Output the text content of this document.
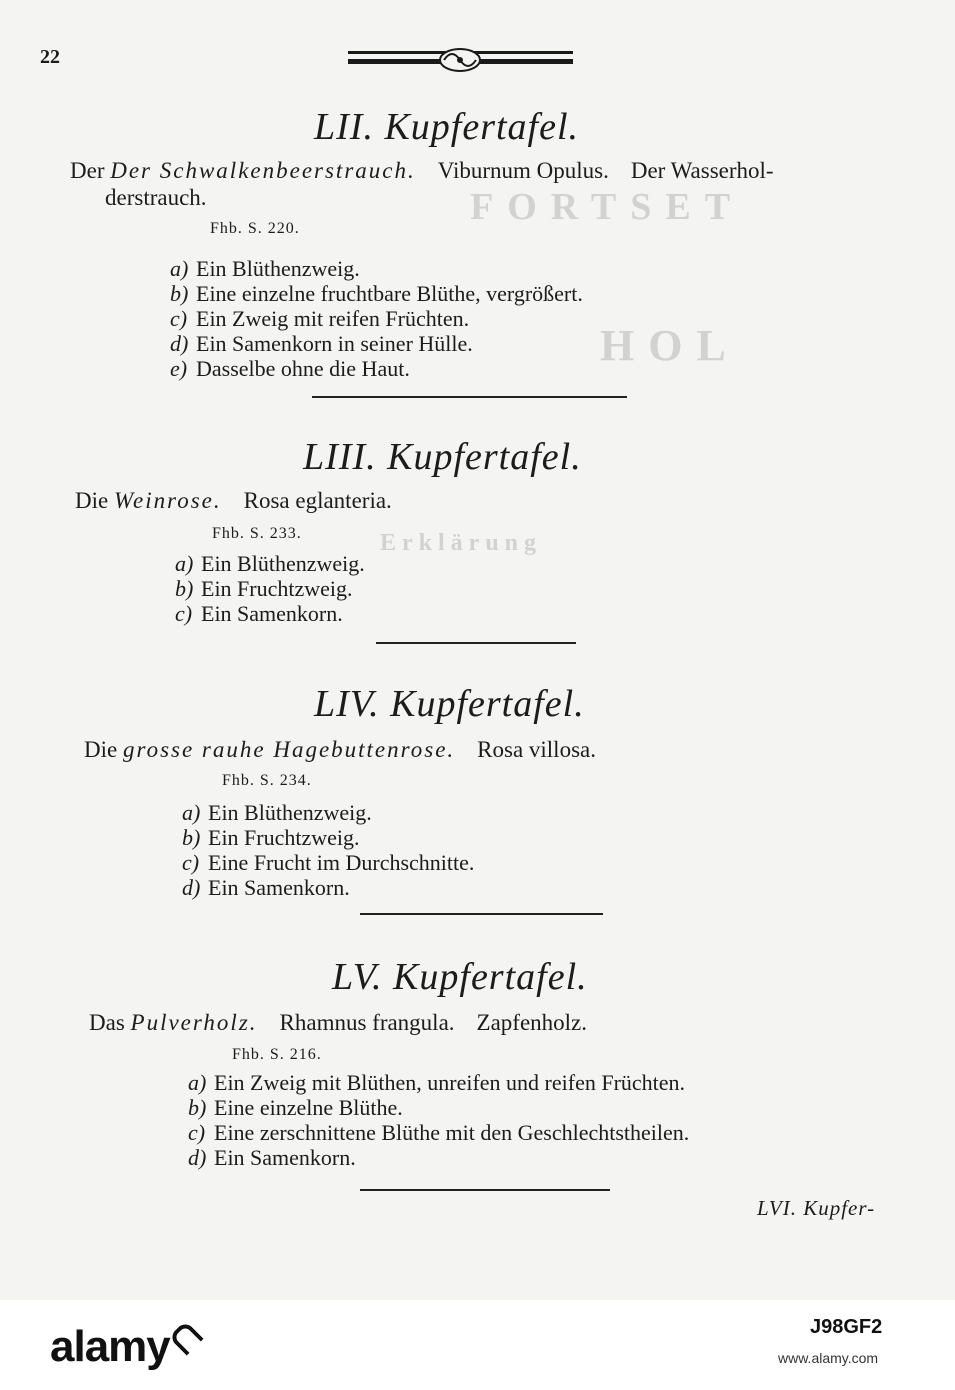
FORTSET
HOL
Erklärung
22
LII. Kupfertafel.
Der Der Schwalkenbeerstrauch. Viburnum Opulus. Der Wasserhol-
derstrauch.
Fhb. S. 220.
a) Ein Blüthenzweig.
b) Eine einzelne fruchtbare Blüthe, vergrößert.
c) Ein Zweig mit reifen Früchten.
d) Ein Samenkorn in seiner Hülle.
e) Dasselbe ohne die Haut.
LIII. Kupfertafel.
Die Weinrose. Rosa eglanteria.
Fhb. S. 233.
a) Ein Blüthenzweig.
b) Ein Fruchtzweig.
c) Ein Samenkorn.
LIV. Kupfertafel.
Die grosse rauhe Hagebuttenrose. Rosa villosa.
Fhb. S. 234.
a) Ein Blüthenzweig.
b) Ein Fruchtzweig.
c) Eine Frucht im Durchschnitte.
d) Ein Samenkorn.
LV. Kupfertafel.
Das Pulverholz. Rhamnus frangula. Zapfenholz.
Fhb. S. 216.
a) Ein Zweig mit Blüthen, unreifen und reifen Früchten.
b) Eine einzelne Blüthe.
c) Eine zerschnittene Blüthe mit den Geschlechtstheilen.
d) Ein Samenkorn.
LVI. Kupfer-
alamy	J98GF2
www.alamy.com
